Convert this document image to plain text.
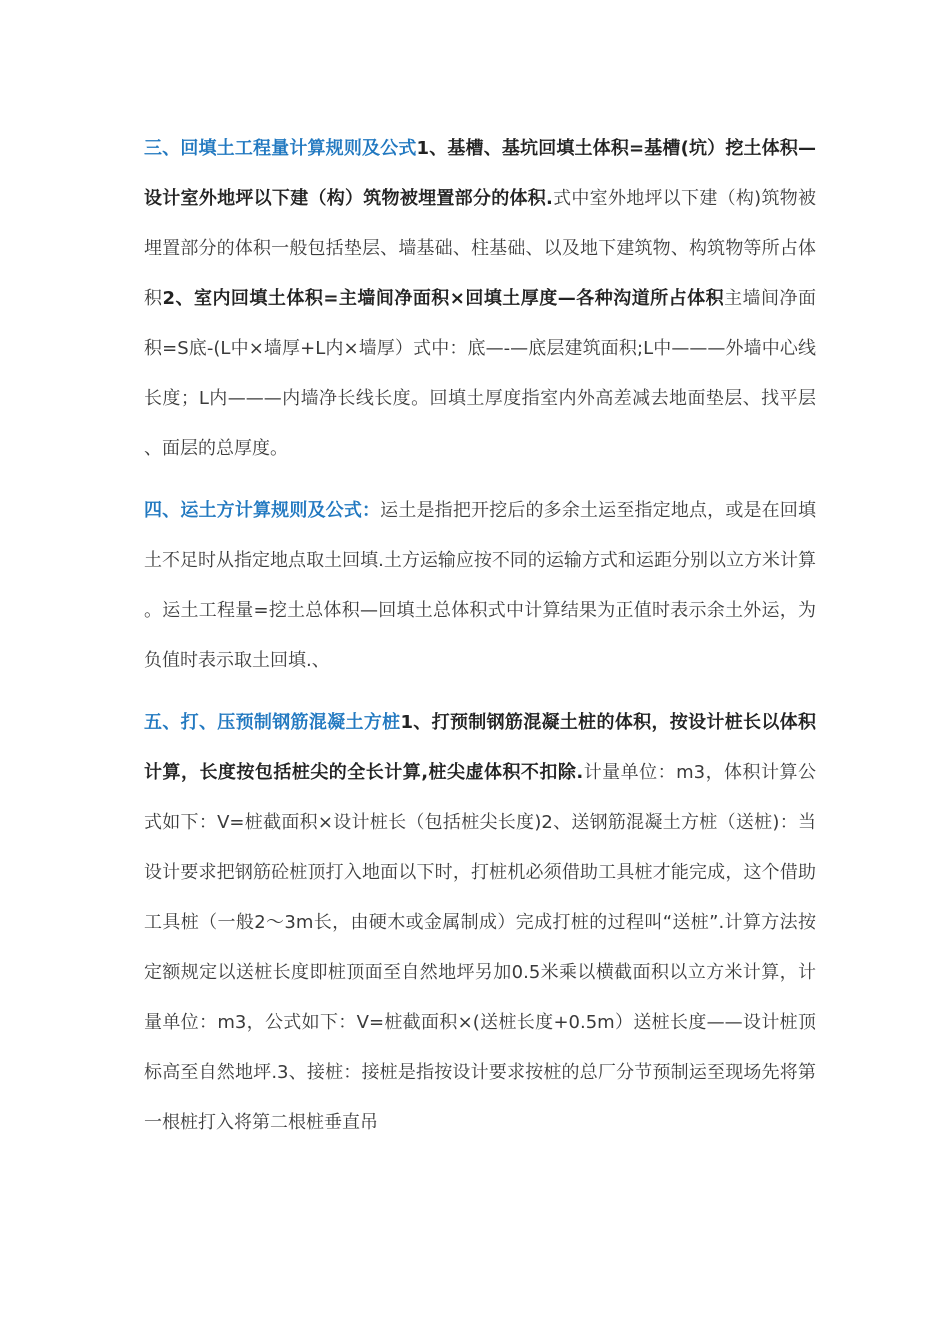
三、回填土工程量计算规则及公式1、基槽、基坑回填土体积=基槽(坑）挖土体积—设计室外地坪以下建（构）筑物被埋置部分的体积.式中室外地坪以下建（构)筑物被埋置部分的体积一般包括垫层、墙基础、柱基础、以及地下建筑物、构筑物等所占体积2、室内回填土体积=主墙间净面积×回填土厚度—各种沟道所占体积主墙间净面积=S底-(L中×墙厚+L内×墙厚）式中：底—-—底层建筑面积;L中———外墙中心线长度；L内———内墙净长线长度。回填土厚度指室内外高差减去地面垫层、找平层、面层的总厚度。

四、运土方计算规则及公式：运土是指把开挖后的多余土运至指定地点，或是在回填土不足时从指定地点取土回填.土方运输应按不同的运输方式和运距分别以立方米计算。运土工程量=挖土总体积—回填土总体积式中计算结果为正值时表示余土外运，为负值时表示取土回填.、

五、打、压预制钢筋混凝土方桩1、打预制钢筋混凝土桩的体积，按设计桩长以体积计算，长度按包括桩尖的全长计算,桩尖虚体积不扣除.计量单位：m3，体积计算公式如下：V=桩截面积×设计桩长（包括桩尖长度)2、送钢筋混凝土方桩（送桩)：当设计要求把钢筋砼桩顶打入地面以下时，打桩机必须借助工具桩才能完成，这个借助工具桩（一般2～3m长，由硬木或金属制成）完成打桩的过程叫“送桩”.计算方法按定额规定以送桩长度即桩顶面至自然地坪另加0.5米乘以横截面积以立方米计算，计量单位：m3，公式如下：V=桩截面积×(送桩长度+0.5m）送桩长度——设计桩顶标高至自然地坪.3、接桩：接桩是指按设计要求按桩的总厂分节预制运至现场先将第一根桩打入将第二根桩垂直吊
